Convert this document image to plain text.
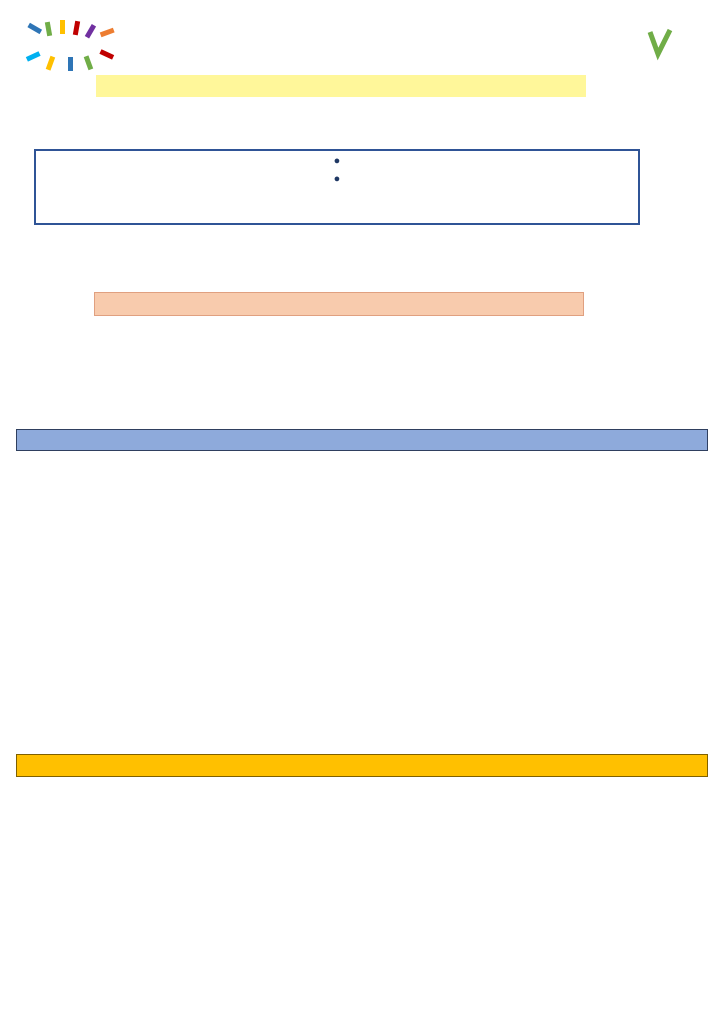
●
●
